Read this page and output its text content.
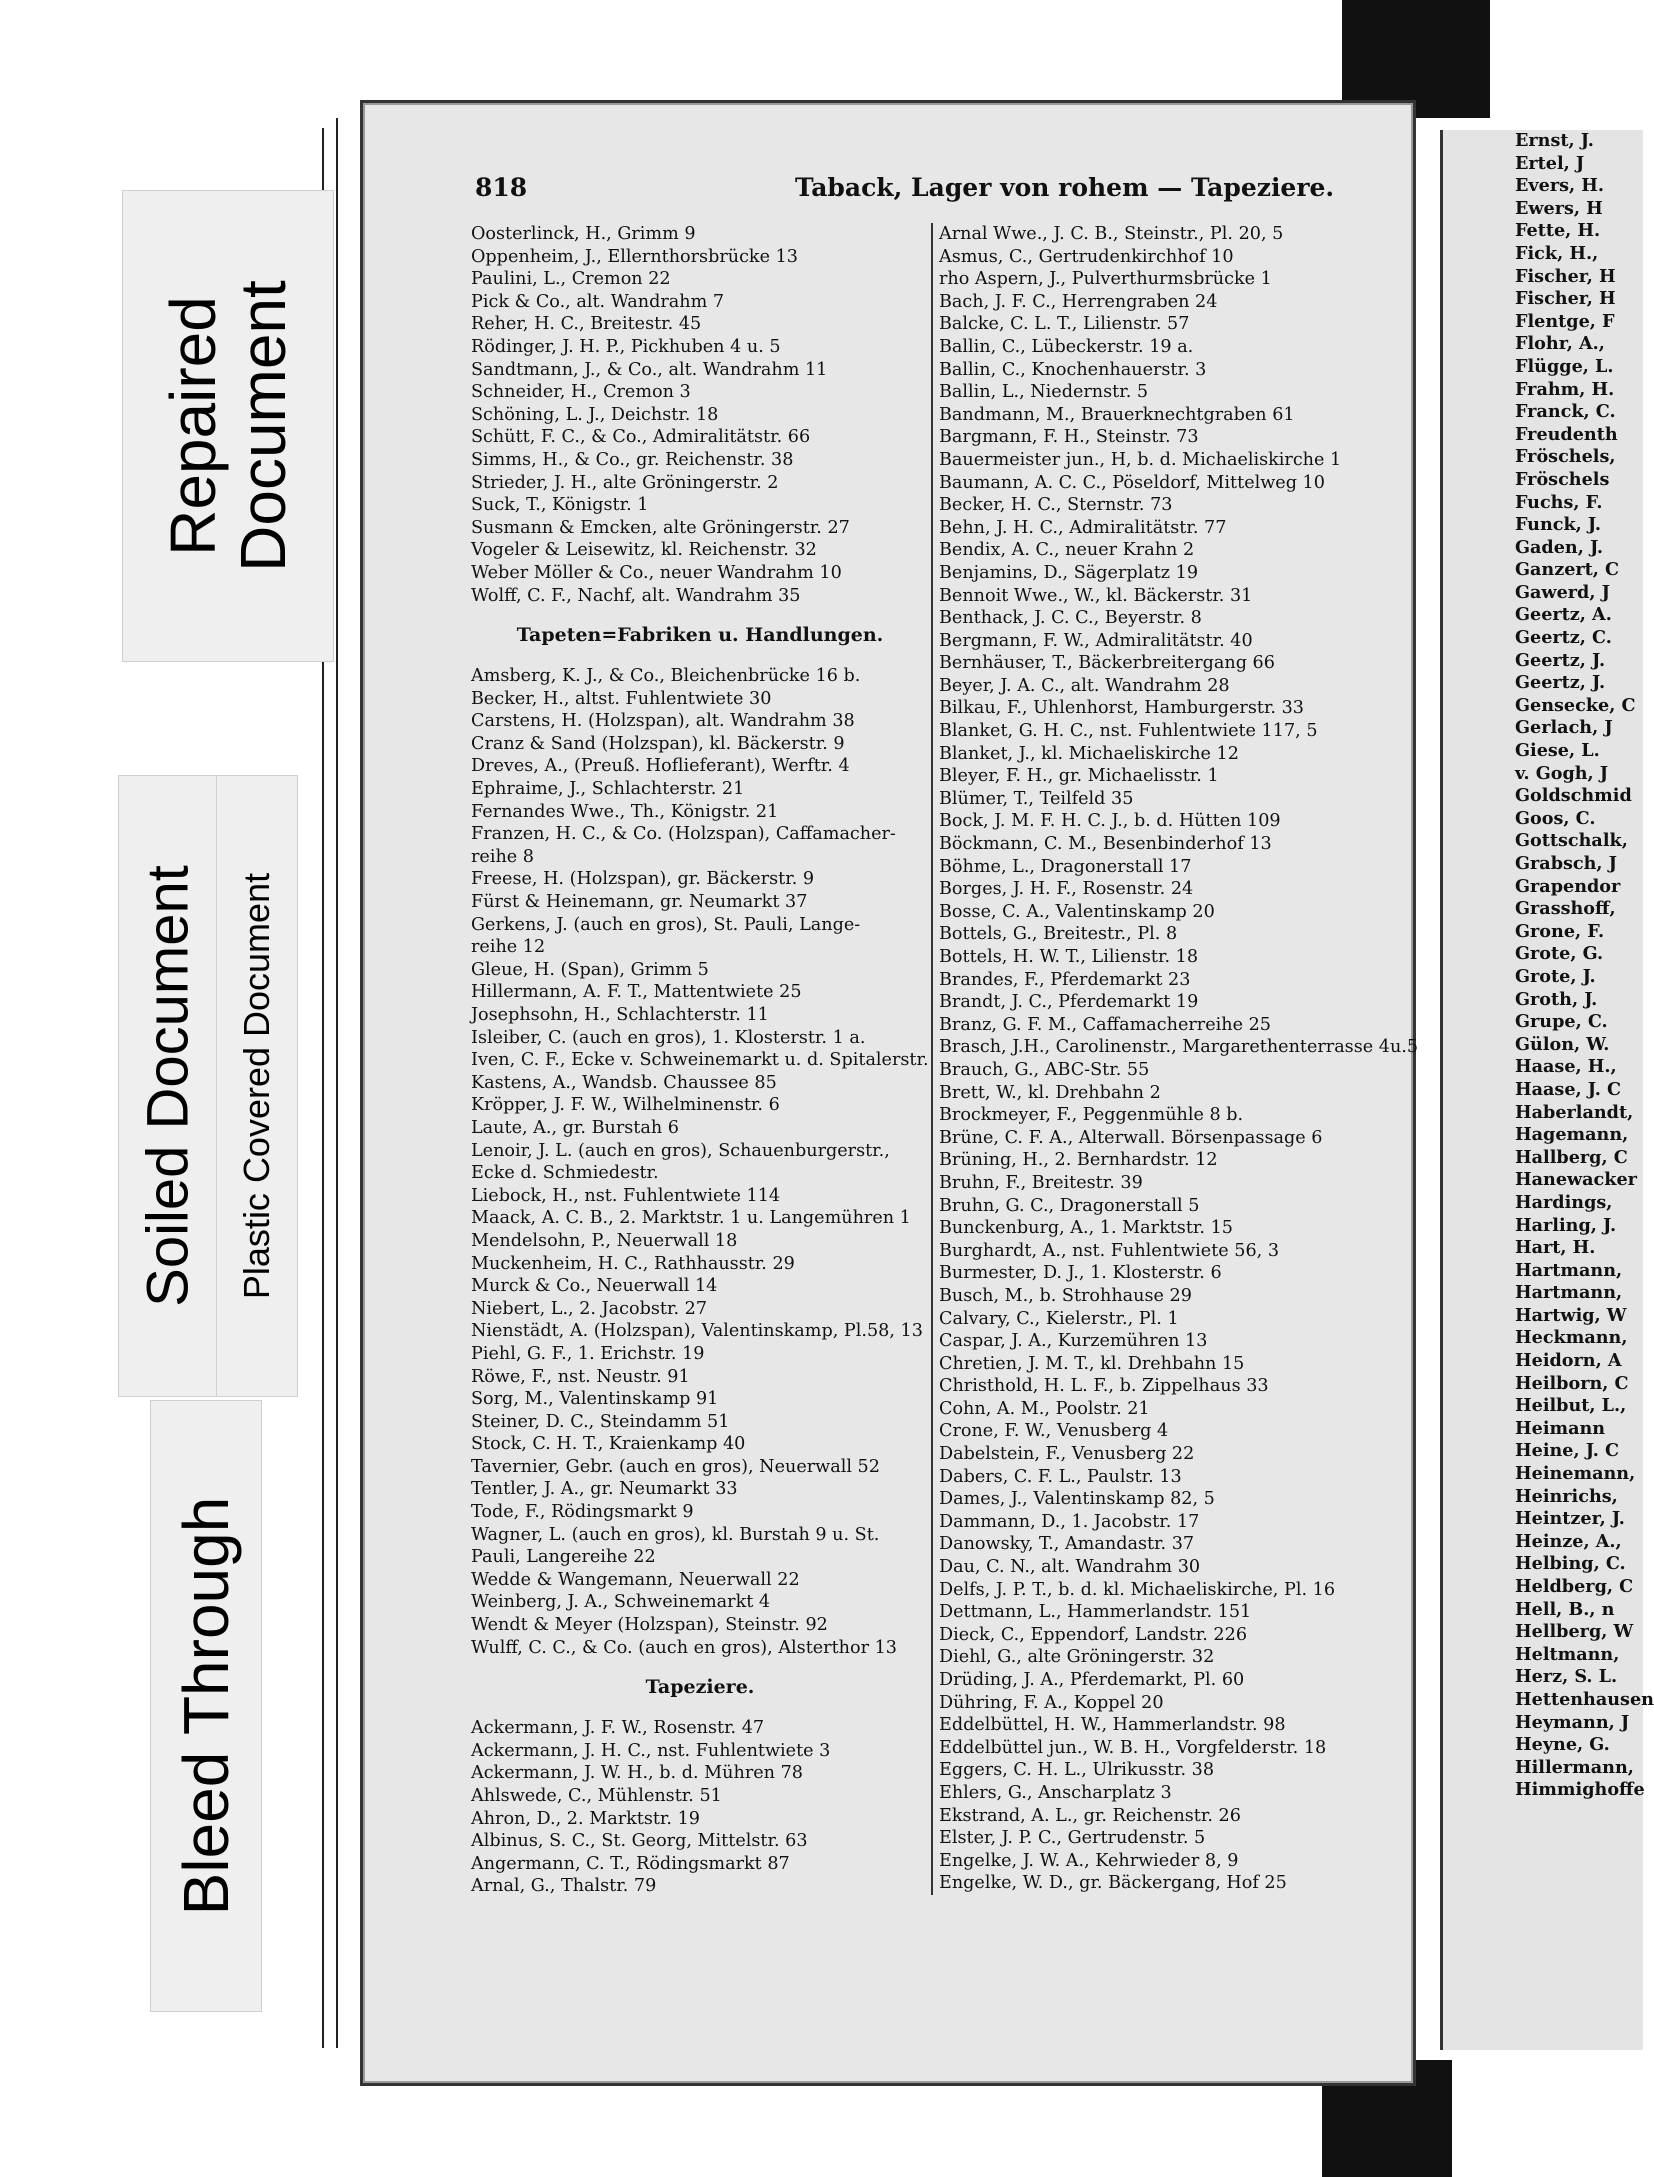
Repaired
Document
Soiled Document Plastic Covered Document
Bleed Through
818	Taback, Lager von rohem — Tapeziere.
Oosterlinck, H., Grimm 9
Oppenheim, J., Ellernthorsbrücke 13
Paulini, L., Cremon 22
Pick & Co., alt. Wandrahm 7
Reher, H. C., Breitestr. 45
Rödinger, J. H. P., Pickhuben 4 u. 5
Sandtmann, J., & Co., alt. Wandrahm 11
Schneider, H., Cremon 3
Schöning, L. J., Deichstr. 18
Schütt, F. C., & Co., Admiralitätstr. 66
Simms, H., & Co., gr. Reichenstr. 38
Strieder, J. H., alte Gröningerstr. 2
Suck, T., Königstr. 1
Susmann & Emcken, alte Gröningerstr. 27
Vogeler & Leisewitz, kl. Reichenstr. 32
Weber Möller & Co., neuer Wandrahm 10
Wolff, C. F., Nachf, alt. Wandrahm 35
Tapeten=Fabriken u. Handlungen.
Amsberg, K. J., & Co., Bleichenbrücke 16 b.
Becker, H., altst. Fuhlentwiete 30
Carstens, H. (Holzspan), alt. Wandrahm 38
Cranz & Sand (Holzspan), kl. Bäckerstr. 9
Dreves, A., (Preuß. Hoflieferant), Werftr. 4
Ephraime, J., Schlachterstr. 21
Fernandes Wwe., Th., Königstr. 21
Franzen, H. C., & Co. (Holzspan), Caffamacher-
reihe 8
Freese, H. (Holzspan), gr. Bäckerstr. 9
Fürst & Heinemann, gr. Neumarkt 37
Gerkens, J. (auch en gros), St. Pauli, Lange-
reihe 12
Gleue, H. (Span), Grimm 5
Hillermann, A. F. T., Mattentwiete 25
Josephsohn, H., Schlachterstr. 11
Isleiber, C. (auch en gros), 1. Klosterstr. 1 a.
Iven, C. F., Ecke v. Schweinemarkt u. d. Spitalerstr.
Kastens, A., Wandsb. Chaussee 85
Kröpper, J. F. W., Wilhelminenstr. 6
Laute, A., gr. Burstah 6
Lenoir, J. L. (auch en gros), Schauenburgerstr.,
Ecke d. Schmiedestr.
Liebock, H., nst. Fuhlentwiete 114
Maack, A. C. B., 2. Marktstr. 1 u. Langemühren 1
Mendelsohn, P., Neuerwall 18
Muckenheim, H. C., Rathhausstr. 29
Murck & Co., Neuerwall 14
Niebert, L., 2. Jacobstr. 27
Nienstädt, A. (Holzspan), Valentinskamp, Pl.58, 13
Piehl, G. F., 1. Erichstr. 19
Röwe, F., nst. Neustr. 91
Sorg, M., Valentinskamp 91
Steiner, D. C., Steindamm 51
Stock, C. H. T., Kraienkamp 40
Tavernier, Gebr. (auch en gros), Neuerwall 52
Tentler, J. A., gr. Neumarkt 33
Tode, F., Rödingsmarkt 9
Wagner, L. (auch en gros), kl. Burstah 9 u. St.
Pauli, Langereihe 22
Wedde & Wangemann, Neuerwall 22
Weinberg, J. A., Schweinemarkt 4
Wendt & Meyer (Holzspan), Steinstr. 92
Wulff, C. C., & Co. (auch en gros), Alsterthor 13
Tapeziere.
Ackermann, J. F. W., Rosenstr. 47
Ackermann, J. H. C., nst. Fuhlentwiete 3
Ackermann, J. W. H., b. d. Mühren 78
Ahlswede, C., Mühlenstr. 51
Ahron, D., 2. Marktstr. 19
Albinus, S. C., St. Georg, Mittelstr. 63
Angermann, C. T., Rödingsmarkt 87
Arnal, G., Thalstr. 79
Arnal Wwe., J. C. B., Steinstr., Pl. 20, 5
Asmus, C., Gertrudenkirchhof 10
rho Aspern, J., Pulverthurmsbrücke 1
Bach, J. F. C., Herrengraben 24
Balcke, C. L. T., Lilienstr. 57
Ballin, C., Lübeckerstr. 19 a.
Ballin, C., Knochenhauerstr. 3
Ballin, L., Niedernstr. 5
Bandmann, M., Brauerknechtgraben 61
Bargmann, F. H., Steinstr. 73
Bauermeister jun., H, b. d. Michaeliskirche 1
Baumann, A. C. C., Pöseldorf, Mittelweg 10
Becker, H. C., Sternstr. 73
Behn, J. H. C., Admiralitätstr. 77
Bendix, A. C., neuer Krahn 2
Benjamins, D., Sägerplatz 19
Bennoit Wwe., W., kl. Bäckerstr. 31
Benthack, J. C. C., Beyerstr. 8
Bergmann, F. W., Admiralitätstr. 40
Bernhäuser, T., Bäckerbreitergang 66
Beyer, J. A. C., alt. Wandrahm 28
Bilkau, F., Uhlenhorst, Hamburgerstr. 33
Blanket, G. H. C., nst. Fuhlentwiete 117, 5
Blanket, J., kl. Michaeliskirche 12
Bleyer, F. H., gr. Michaelisstr. 1
Blümer, T., Teilfeld 35
Bock, J. M. F. H. C. J., b. d. Hütten 109
Böckmann, C. M., Besenbinderhof 13
Böhme, L., Dragonerstall 17
Borges, J. H. F., Rosenstr. 24
Bosse, C. A., Valentinskamp 20
Bottels, G., Breitestr., Pl. 8
Bottels, H. W. T., Lilienstr. 18
Brandes, F., Pferdemarkt 23
Brandt, J. C., Pferdemarkt 19
Branz, G. F. M., Caffamacherreihe 25
Brasch, J.H., Carolinenstr., Margarethenterrasse 4u.5
Brauch, G., ABC-Str. 55
Brett, W., kl. Drehbahn 2
Brockmeyer, F., Peggenmühle 8 b.
Brüne, C. F. A., Alterwall. Börsenpassage 6
Brüning, H., 2. Bernhardstr. 12
Bruhn, F., Breitestr. 39
Bruhn, G. C., Dragonerstall 5
Bunckenburg, A., 1. Marktstr. 15
Burghardt, A., nst. Fuhlentwiete 56, 3
Burmester, D. J., 1. Klosterstr. 6
Busch, M., b. Strohhause 29
Calvary, C., Kielerstr., Pl. 1
Caspar, J. A., Kurzemühren 13
Chretien, J. M. T., kl. Drehbahn 15
Christhold, H. L. F., b. Zippelhaus 33
Cohn, A. M., Poolstr. 21
Crone, F. W., Venusberg 4
Dabelstein, F., Venusberg 22
Dabers, C. F. L., Paulstr. 13
Dames, J., Valentinskamp 82, 5
Dammann, D., 1. Jacobstr. 17
Danowsky, T., Amandastr. 37
Dau, C. N., alt. Wandrahm 30
Delfs, J. P. T., b. d. kl. Michaeliskirche, Pl. 16
Dettmann, L., Hammerlandstr. 151
Dieck, C., Eppendorf, Landstr. 226
Diehl, G., alte Gröningerstr. 32
Drüding, J. A., Pferdemarkt, Pl. 60
Dühring, F. A., Koppel 20
Eddelbüttel, H. W., Hammerlandstr. 98
Eddelbüttel jun., W. B. H., Vorgfelderstr. 18
Eggers, C. H. L., Ulrikusstr. 38
Ehlers, G., Anscharplatz 3
Ekstrand, A. L., gr. Reichenstr. 26
Elster, J. P. C., Gertrudenstr. 5
Engelke, J. W. A., Kehrwieder 8, 9
Engelke, W. D., gr. Bäckergang, Hof 25
Ernst, J.
Ertel, J
Evers, H.
Ewers, H
Fette, H.
Fick, H.,
Fischer, H
Fischer, H
Flentge, F
Flohr, A.,
Flügge, L.
Frahm, H.
Franck, C.
Freudenth
Fröschels,
Fröschels
Fuchs, F.
Funck, J.
Gaden, J.
Ganzert, C
Gawerd, J
Geertz, A.
Geertz, C.
Geertz, J.
Geertz, J.
Gensecke, C
Gerlach, J
Giese, L.
v. Gogh, J
Goldschmid
Goos, C.
Gottschalk,
Grabsch, J
Grapendor
Grasshoff,
Grone, F.
Grote, G.
Grote, J.
Groth, J.
Grupe, C.
Gülon, W.
Haase, H.,
Haase, J. C
Haberlandt,
Hagemann,
Hallberg, C
Hanewacker
Hardings,
Harling, J.
Hart, H.
Hartmann,
Hartmann,
Hartwig, W
Heckmann,
Heidorn, A
Heilborn, C
Heilbut, L.,
Heimann
Heine, J. C
Heinemann,
Heinrichs,
Heintzer, J.
Heinze, A.,
Helbing, C.
Heldberg, C
Hell, B., n
Hellberg, W
Heltmann,
Herz, S. L.
Hettenhausen
Heymann, J
Heyne, G.
Hillermann,
Himmighoffe
